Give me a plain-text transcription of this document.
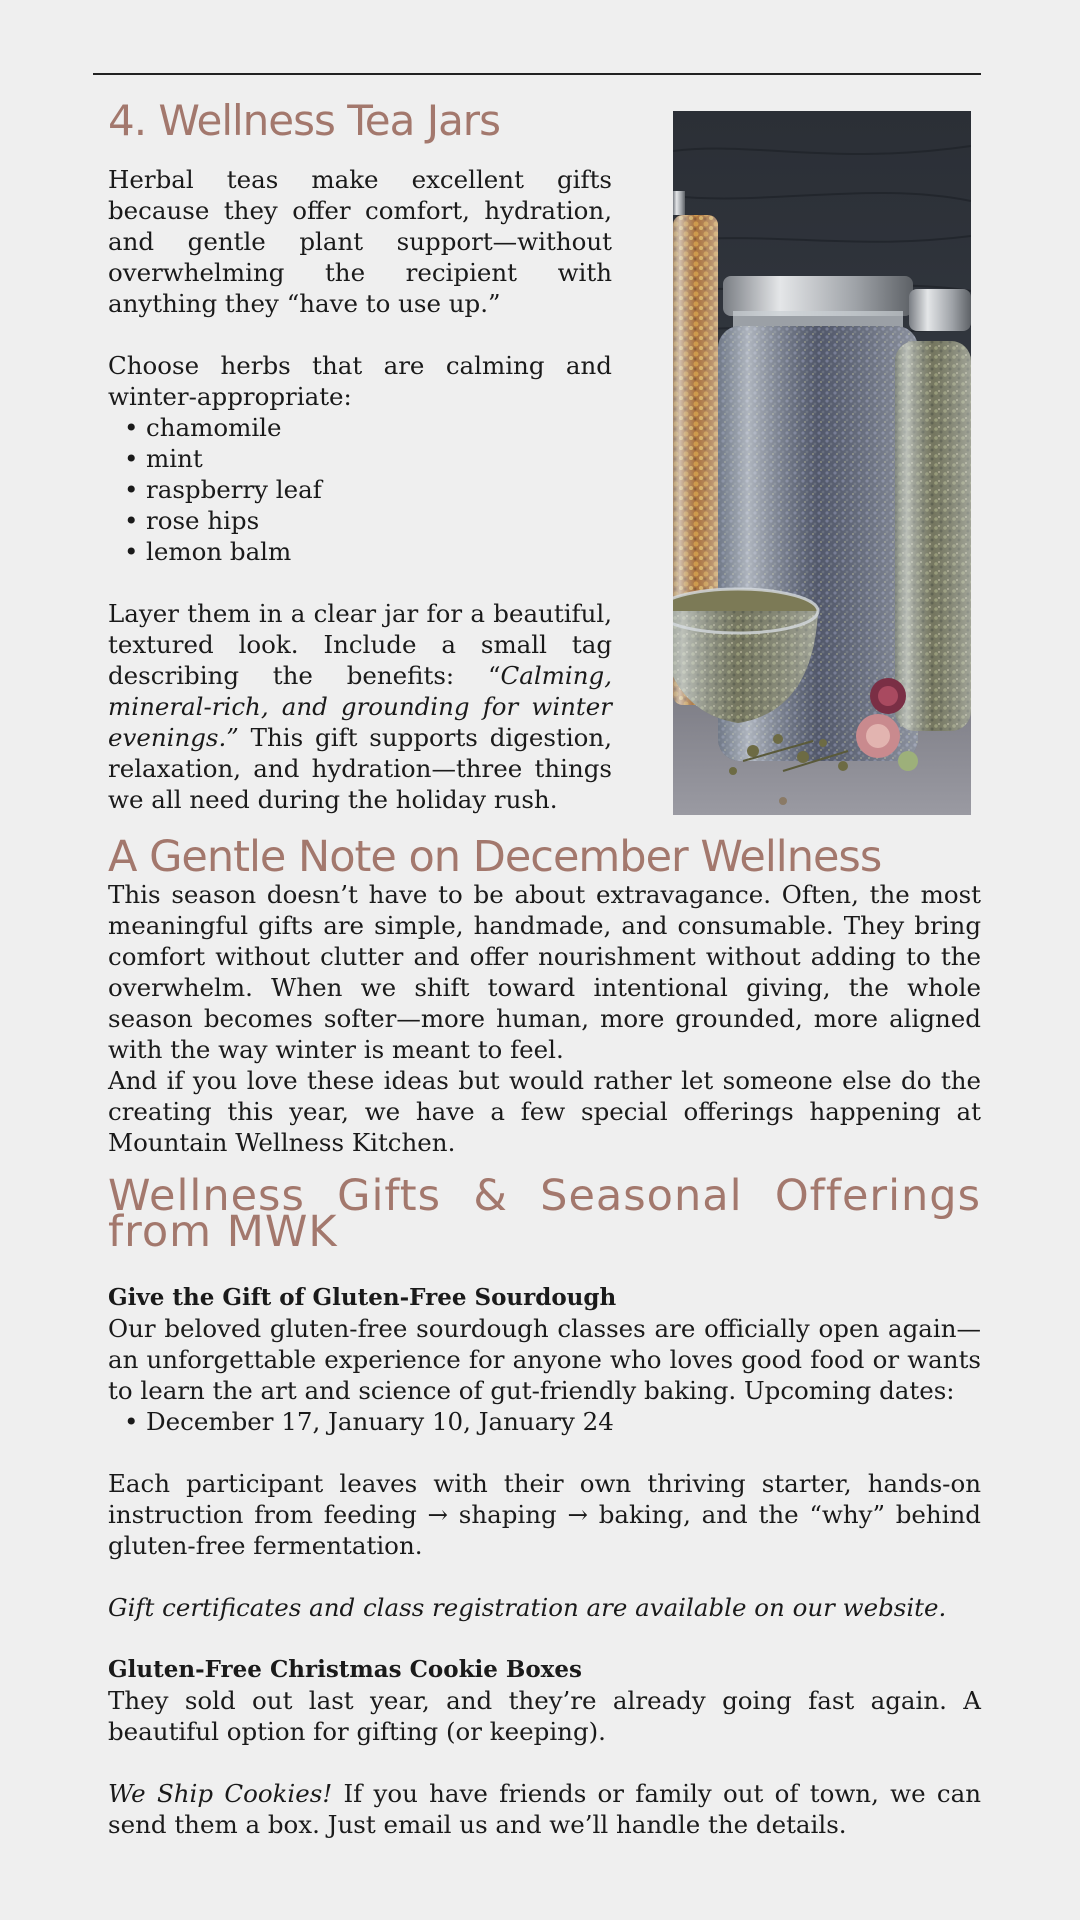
4. Wellness Tea Jars

Herbal teas make excellent gifts because they offer comfort, hydration, and gentle plant support—without overwhelming the recipient with anything they “have to use up.”

Choose herbs that are calming and winter-appropriate:

• chamomile
• mint
• raspberry leaf
• rose hips
• lemon balm

Layer them in a clear jar for a beautiful, textured look. Include a small tag describing the benefits: “Calming, mineral-rich, and grounding for winter evenings.” This gift supports digestion, relaxation, and hydration—three things we all need during the holiday rush.

A Gentle Note on December Wellness

This season doesn’t have to be about extravagance. Often, the most meaningful gifts are simple, handmade, and consumable. They bring comfort without clutter and offer nourishment without adding to the overwhelm. When we shift toward intentional giving, the whole season becomes softer—more human, more grounded, more aligned with the way winter is meant to feel.

And if you love these ideas but would rather let someone else do the creating this year, we have a few special offerings happening at Mountain Wellness Kitchen.

Wellness Gifts & Seasonal Offerings from MWK

Give the Gift of Gluten-Free Sourdough

Our beloved gluten-free sourdough classes are officially open again—an unforgettable experience for anyone who loves good food or wants to learn the art and science of gut-friendly baking. Upcoming dates:

• December 17, January 10, January 24

Each participant leaves with their own thriving starter, hands-on instruction from feeding → shaping → baking, and the “why” behind gluten-free fermentation.

Gift certificates and class registration are available on our website.

Gluten-Free Christmas Cookie Boxes

They sold out last year, and they’re already going fast again. A beautiful option for gifting (or keeping).

We Ship Cookies! If you have friends or family out of town, we can send them a box. Just email us and we’ll handle the details.
